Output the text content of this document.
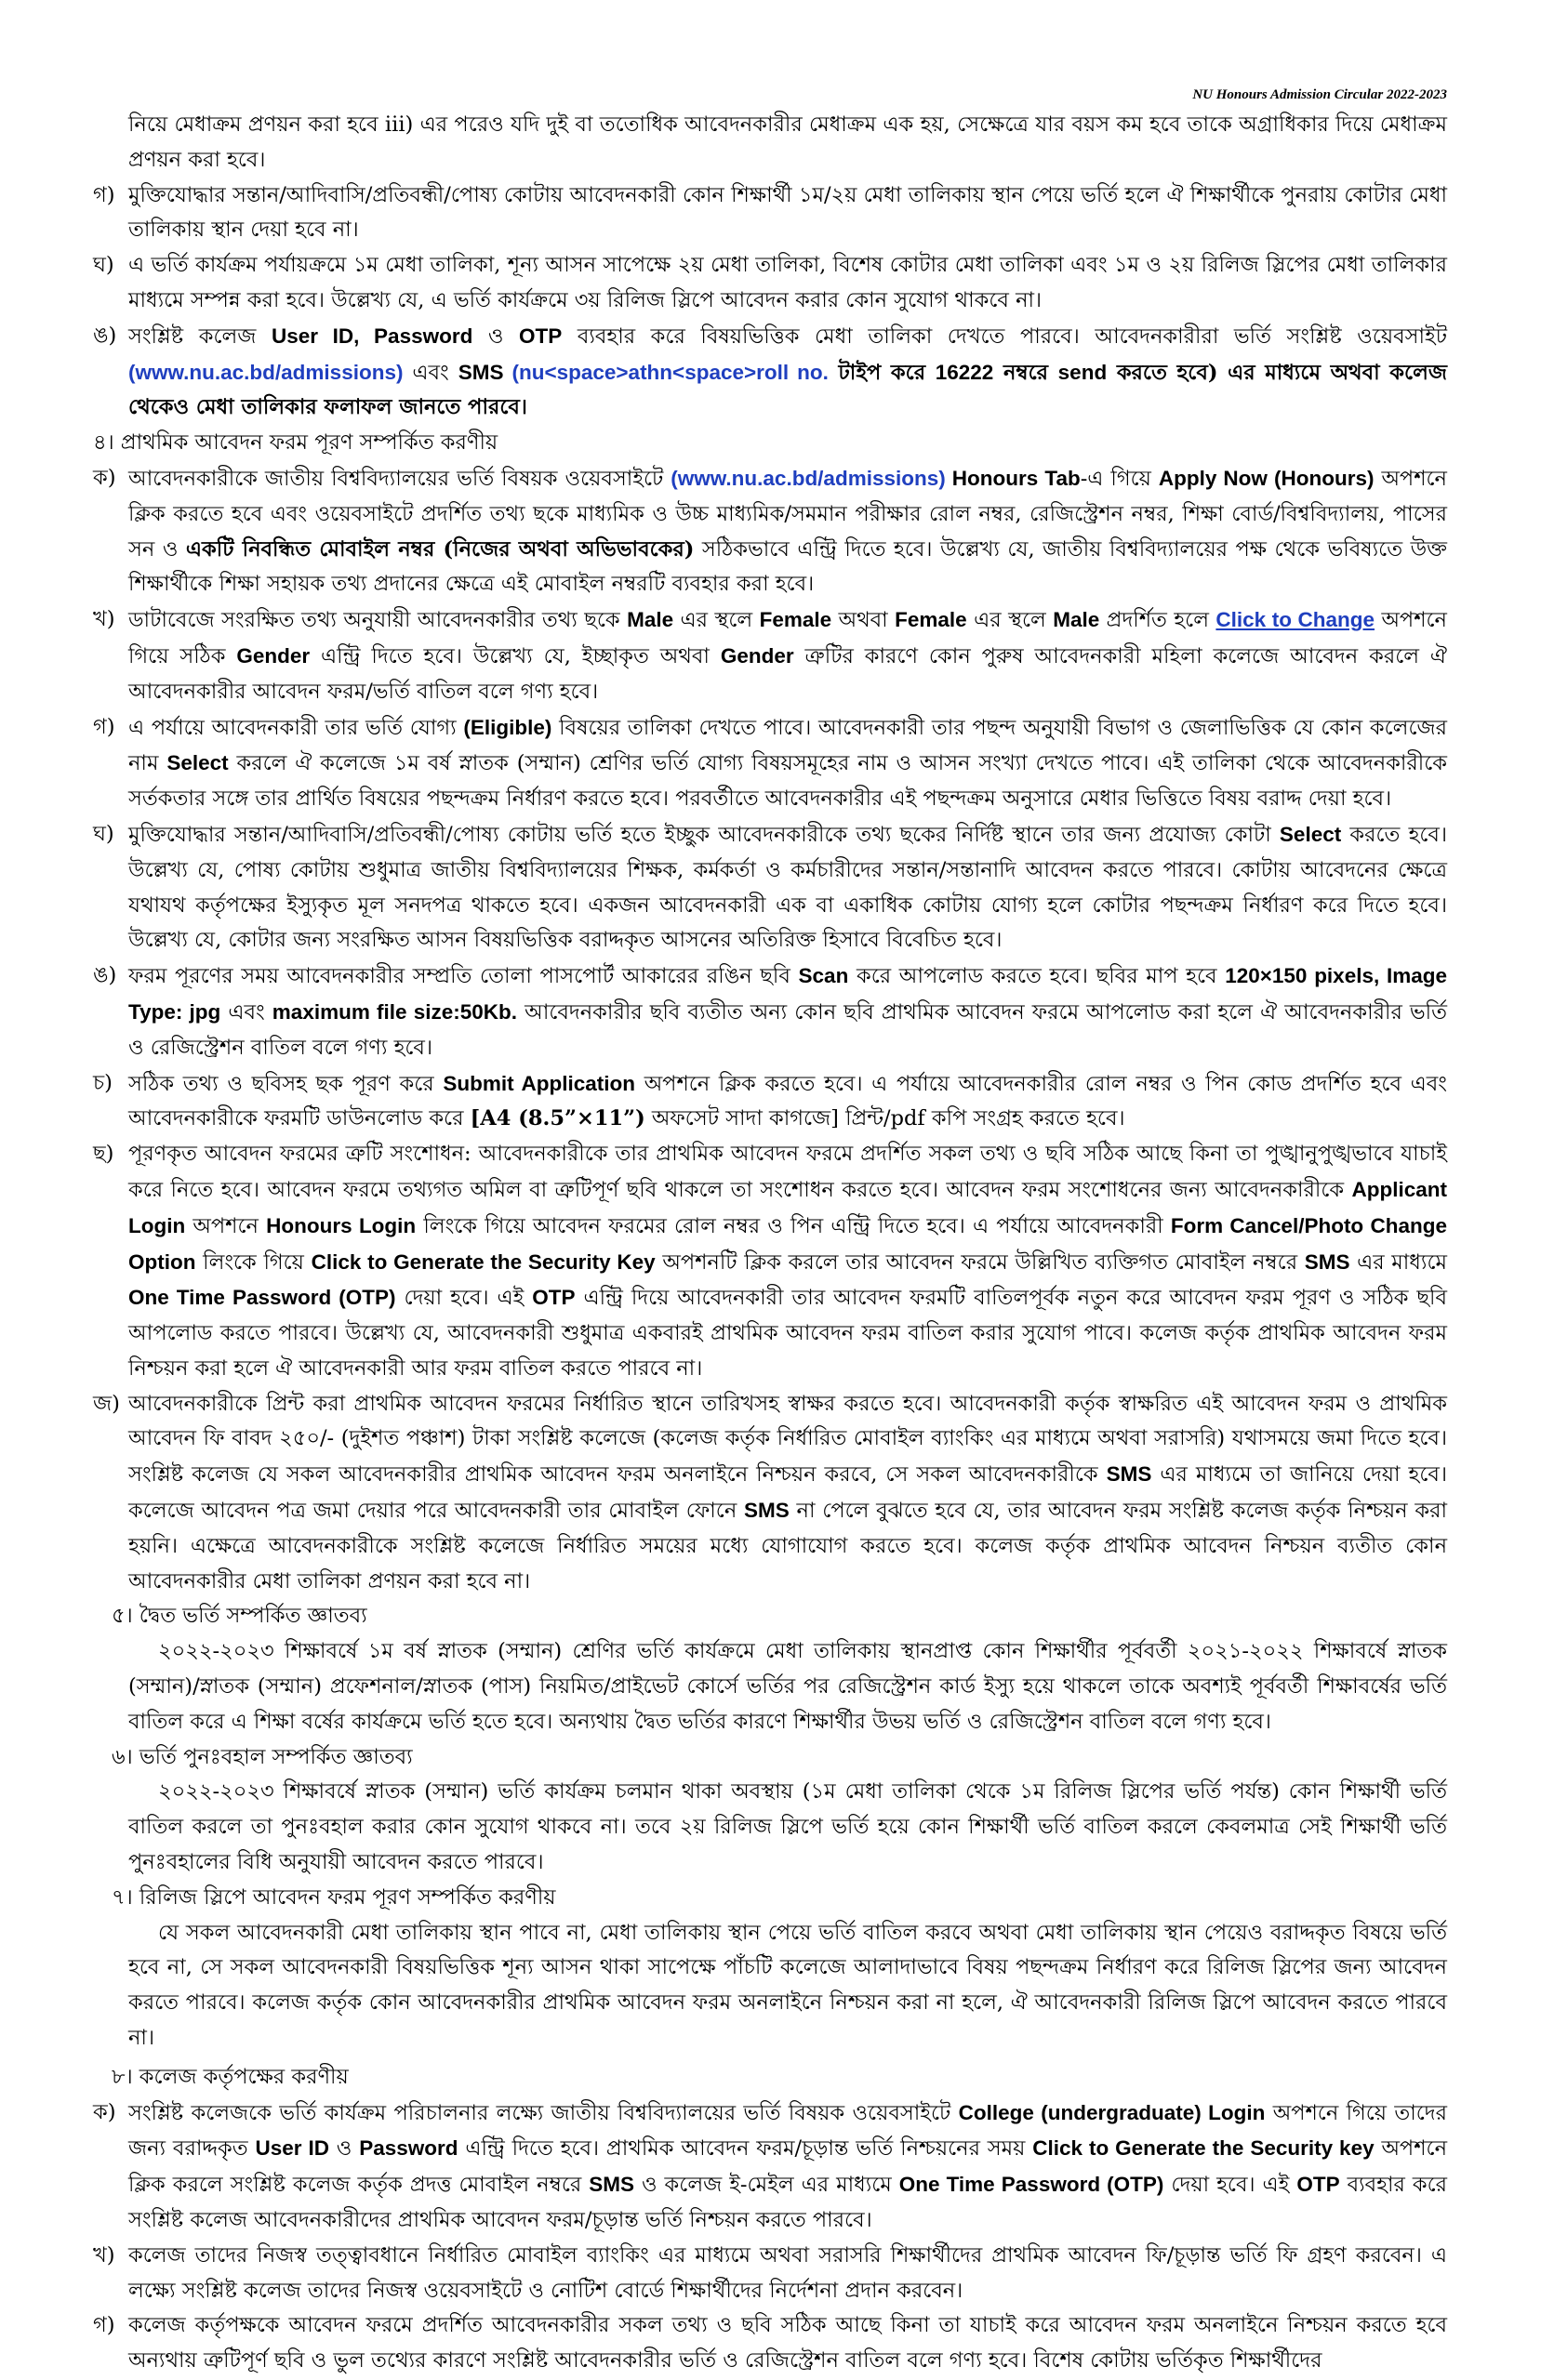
NU Honours Admission Circular 2022-2023

নিয়ে মেধাক্রম প্রণয়ন করা হবে iii) এর পরেও যদি দুই বা ততোধিক আবেদনকারীর মেধাক্রম এক হয়, সেক্ষেত্রে যার বয়স কম হবে তাকে অগ্রাধিকার দিয়ে মেধাক্রম প্রণয়ন করা হবে।

গ) মুক্তিযোদ্ধার সন্তান/আদিবাসি/প্রতিবন্ধী/পোষ্য কোটায় আবেদনকারী কোন শিক্ষার্থী ১ম/২য় মেধা তালিকায় স্থান পেয়ে ভর্তি হলে ঐ শিক্ষার্থীকে পুনরায় কোটার মেধা তালিকায় স্থান দেয়া হবে না।
ঘ) এ ভর্তি কার্যক্রম পর্যায়ক্রমে ১ম মেধা তালিকা, শূন্য আসন সাপেক্ষে ২য় মেধা তালিকা, বিশেষ কোটার মেধা তালিকা এবং ১ম ও ২য় রিলিজ স্লিপের মেধা তালিকার মাধ্যমে সম্পন্ন করা হবে। উল্লেখ্য যে, এ ভর্তি কার্যক্রমে ৩য় রিলিজ স্লিপে আবেদন করার কোন সুযোগ থাকবে না।
ঙ) সংশ্লিষ্ট কলেজ User ID, Password ও OTP ব্যবহার করে বিষয়ভিত্তিক মেধা তালিকা দেখতে পারবে। আবেদনকারীরা ভর্তি সংশ্লিষ্ট ওয়েবসাইট (www.nu.ac.bd/admissions) এবং SMS (nu<space>athn<space>roll no. টাইপ করে 16222 নম্বরে send করতে হবে) এর মাধ্যমে অথবা কলেজ থেকেও মেধা তালিকার ফলাফল জানতে পারবে।

৪। প্রাথমিক আবেদন ফরম পূরণ সম্পর্কিত করণীয়

ক) আবেদনকারীকে জাতীয় বিশ্ববিদ্যালয়ের ভর্তি বিষয়ক ওয়েবসাইটে (www.nu.ac.bd/admissions) Honours Tab-এ গিয়ে Apply Now (Honours) অপশনে ক্লিক করতে হবে এবং ওয়েবসাইটে প্রদর্শিত তথ্য ছকে মাধ্যমিক ও উচ্চ মাধ্যমিক/সমমান পরীক্ষার রোল নম্বর, রেজিস্ট্রেশন নম্বর, শিক্ষা বোর্ড/বিশ্ববিদ্যালয়, পাসের সন ও একটি নিবন্ধিত মোবাইল নম্বর (নিজের অথবা অভিভাবকের) সঠিকভাবে এন্ট্রি দিতে হবে। উল্লেখ্য যে, জাতীয় বিশ্ববিদ্যালয়ের পক্ষ থেকে ভবিষ্যতে উক্ত শিক্ষার্থীকে শিক্ষা সহায়ক তথ্য প্রদানের ক্ষেত্রে এই মোবাইল নম্বরটি ব্যবহার করা হবে।
খ) ডাটাবেজে সংরক্ষিত তথ্য অনুযায়ী আবেদনকারীর তথ্য ছকে Male এর স্থলে Female অথবা Female এর স্থলে Male প্রদর্শিত হলে Click to Change অপশনে গিয়ে সঠিক Gender এন্ট্রি দিতে হবে। উল্লেখ্য যে, ইচ্ছাকৃত অথবা Gender ত্রুটির কারণে কোন পুরুষ আবেদনকারী মহিলা কলেজে আবেদন করলে ঐ আবেদনকারীর আবেদন ফরম/ভর্তি বাতিল বলে গণ্য হবে।
গ) এ পর্যায়ে আবেদনকারী তার ভর্তি যোগ্য (Eligible) বিষয়ের তালিকা দেখতে পাবে। আবেদনকারী তার পছন্দ অনুযায়ী বিভাগ ও জেলাভিত্তিক যে কোন কলেজের নাম Select করলে ঐ কলেজে ১ম বর্ষ স্নাতক (সম্মান) শ্রেণির ভর্তি যোগ্য বিষয়সমূহের নাম ও আসন সংখ্যা দেখতে পাবে। এই তালিকা থেকে আবেদনকারীকে সর্তকতার সঙ্গে তার প্রার্থিত বিষয়ের পছন্দক্রম নির্ধারণ করতে হবে। পরবর্তীতে আবেদনকারীর এই পছন্দক্রম অনুসারে মেধার ভিত্তিতে বিষয় বরাদ্দ দেয়া হবে।
ঘ) মুক্তিযোদ্ধার সন্তান/আদিবাসি/প্রতিবন্ধী/পোষ্য কোটায় ভর্তি হতে ইচ্ছুক আবেদনকারীকে তথ্য ছকের নির্দিষ্ট স্থানে তার জন্য প্রযোজ্য কোটা Select করতে হবে। উল্লেখ্য যে, পোষ্য কোটায় শুধুমাত্র জাতীয় বিশ্ববিদ্যালয়ের শিক্ষক, কর্মকর্তা ও কর্মচারীদের সন্তান/সন্তানাদি আবেদন করতে পারবে। কোটায় আবেদনের ক্ষেত্রে যথাযথ কর্তৃপক্ষের ইস্যুকৃত মূল সনদপত্র থাকতে হবে। একজন আবেদনকারী এক বা একাধিক কোটায় যোগ্য হলে কোটার পছন্দক্রম নির্ধারণ করে দিতে হবে। উল্লেখ্য যে, কোটার জন্য সংরক্ষিত আসন বিষয়ভিত্তিক বরাদ্দকৃত আসনের অতিরিক্ত হিসাবে বিবেচিত হবে।
ঙ) ফরম পূরণের সময় আবেদনকারীর সম্প্রতি তোলা পাসপোর্ট আকারের রঙিন ছবি Scan করে আপলোড করতে হবে। ছবির মাপ হবে 120×150 pixels, Image Type: jpg এবং maximum file size:50Kb. আবেদনকারীর ছবি ব্যতীত অন্য কোন ছবি প্রাথমিক আবেদন ফরমে আপলোড করা হলে ঐ আবেদনকারীর ভর্তি ও রেজিস্ট্রেশন বাতিল বলে গণ্য হবে।
চ) সঠিক তথ্য ও ছবিসহ ছক পূরণ করে Submit Application অপশনে ক্লিক করতে হবে। এ পর্যায়ে আবেদনকারীর রোল নম্বর ও পিন কোড প্রদর্শিত হবে এবং আবেদনকারীকে ফরমটি ডাউনলোড করে [A4 (8.5”×11”) অফসেট সাদা কাগজে] প্রিন্ট/pdf কপি সংগ্রহ করতে হবে।
ছ) পূরণকৃত আবেদন ফরমের ত্রুটি সংশোধন: আবেদনকারীকে তার প্রাথমিক আবেদন ফরমে প্রদর্শিত সকল তথ্য ও ছবি সঠিক আছে কিনা তা পুঙ্খানুপুঙ্খভাবে যাচাই করে নিতে হবে। আবেদন ফরমে তথ্যগত অমিল বা ত্রুটিপূর্ণ ছবি থাকলে তা সংশোধন করতে হবে। আবেদন ফরম সংশোধনের জন্য আবেদনকারীকে Applicant Login অপশনে Honours Login লিংকে গিয়ে আবেদন ফরমের রোল নম্বর ও পিন এন্ট্রি দিতে হবে। এ পর্যায়ে আবেদনকারী Form Cancel/Photo Change Option লিংকে গিয়ে Click to Generate the Security Key অপশনটি ক্লিক করলে তার আবেদন ফরমে উল্লিখিত ব্যক্তিগত মোবাইল নম্বরে SMS এর মাধ্যমে One Time Password (OTP) দেয়া হবে। এই OTP এন্ট্রি দিয়ে আবেদনকারী তার আবেদন ফরমটি বাতিলপূর্বক নতুন করে আবেদন ফরম পূরণ ও সঠিক ছবি আপলোড করতে পারবে। উল্লেখ্য যে, আবেদনকারী শুধুমাত্র একবারই প্রাথমিক আবেদন ফরম বাতিল করার সুযোগ পাবে। কলেজ কর্তৃক প্রাথমিক আবেদন ফরম নিশ্চয়ন করা হলে ঐ আবেদনকারী আর ফরম বাতিল করতে পারবে না।
জ) আবেদনকারীকে প্রিন্ট করা প্রাথমিক আবেদন ফরমের নির্ধারিত স্থানে তারিখসহ স্বাক্ষর করতে হবে। আবেদনকারী কর্তৃক স্বাক্ষরিত এই আবেদন ফরম ও প্রাথমিক আবেদন ফি বাবদ ২৫০/- (দুইশত পঞ্চাশ) টাকা সংশ্লিষ্ট কলেজে (কলেজ কর্তৃক নির্ধারিত মোবাইল ব্যাংকিং এর মাধ্যমে অথবা সরাসরি) যথাসময়ে জমা দিতে হবে। সংশ্লিষ্ট কলেজ যে সকল আবেদনকারীর প্রাথমিক আবেদন ফরম অনলাইনে নিশ্চয়ন করবে, সে সকল আবেদনকারীকে SMS এর মাধ্যমে তা জানিয়ে দেয়া হবে। কলেজে আবেদন পত্র জমা দেয়ার পরে আবেদনকারী তার মোবাইল ফোনে SMS না পেলে বুঝতে হবে যে, তার আবেদন ফরম সংশ্লিষ্ট কলেজ কর্তৃক নিশ্চয়ন করা হয়নি। এক্ষেত্রে আবেদনকারীকে সংশ্লিষ্ট কলেজে নির্ধারিত সময়ের মধ্যে যোগাযোগ করতে হবে। কলেজ কর্তৃক প্রাথমিক আবেদন নিশ্চয়ন ব্যতীত কোন আবেদনকারীর মেধা তালিকা প্রণয়ন করা হবে না।

৫। দ্বৈত ভর্তি সম্পর্কিত জ্ঞাতব্য

২০২২-২০২৩ শিক্ষাবর্ষে ১ম বর্ষ স্নাতক (সম্মান) শ্রেণির ভর্তি কার্যক্রমে মেধা তালিকায় স্থানপ্রাপ্ত কোন শিক্ষার্থীর পূর্ববর্তী ২০২১-২০২২ শিক্ষাবর্ষে স্নাতক (সম্মান)/স্নাতক (সম্মান) প্রফেশনাল/স্নাতক (পাস) নিয়মিত/প্রাইভেট কোর্সে ভর্তির পর রেজিস্ট্রেশন কার্ড ইস্যু হয়ে থাকলে তাকে অবশ্যই পূর্ববর্তী শিক্ষাবর্ষের ভর্তি বাতিল করে এ শিক্ষা বর্ষের কার্যক্রমে ভর্তি হতে হবে। অন্যথায় দ্বৈত ভর্তির কারণে শিক্ষার্থীর উভয় ভর্তি ও রেজিস্ট্রেশন বাতিল বলে গণ্য হবে।

৬। ভর্তি পুনঃবহাল সম্পর্কিত জ্ঞাতব্য

২০২২-২০২৩ শিক্ষাবর্ষে স্নাতক (সম্মান) ভর্তি কার্যক্রম চলমান থাকা অবস্থায় (১ম মেধা তালিকা থেকে ১ম রিলিজ স্লিপের ভর্তি পর্যন্ত) কোন শিক্ষার্থী ভর্তি বাতিল করলে তা পুনঃবহাল করার কোন সুযোগ থাকবে না। তবে ২য় রিলিজ স্লিপে ভর্তি হয়ে কোন শিক্ষার্থী ভর্তি বাতিল করলে কেবলমাত্র সেই শিক্ষার্থী ভর্তি পুনঃবহালের বিধি অনুযায়ী আবেদন করতে পারবে।

৭। রিলিজ স্লিপে আবেদন ফরম পূরণ সম্পর্কিত করণীয়

যে সকল আবেদনকারী মেধা তালিকায় স্থান পাবে না, মেধা তালিকায় স্থান পেয়ে ভর্তি বাতিল করবে অথবা মেধা তালিকায় স্থান পেয়েও বরাদ্দকৃত বিষয়ে ভর্তি হবে না, সে সকল আবেদনকারী বিষয়ভিত্তিক শূন্য আসন থাকা সাপেক্ষে পাঁচটি কলেজে আলাদাভাবে বিষয় পছন্দক্রম নির্ধারণ করে রিলিজ স্লিপের জন্য আবেদন করতে পারবে। কলেজ কর্তৃক কোন আবেদনকারীর প্রাথমিক আবেদন ফরম অনলাইনে নিশ্চয়ন করা না হলে, ঐ আবেদনকারী রিলিজ স্লিপে আবেদন করতে পারবে না।

৮। কলেজ কর্তৃপক্ষের করণীয়

ক) সংশ্লিষ্ট কলেজকে ভর্তি কার্যক্রম পরিচালনার লক্ষ্যে জাতীয় বিশ্ববিদ্যালয়ের ভর্তি বিষয়ক ওয়েবসাইটে College (undergraduate) Login অপশনে গিয়ে তাদের জন্য বরাদ্দকৃত User ID ও Password এন্ট্রি দিতে হবে। প্রাথমিক আবেদন ফরম/চূড়ান্ত ভর্তি নিশ্চয়নের সময় Click to Generate the Security key অপশনে ক্লিক করলে সংশ্লিষ্ট কলেজ কর্তৃক প্রদত্ত মোবাইল নম্বরে SMS ও কলেজ ই-মেইল এর মাধ্যমে One Time Password (OTP) দেয়া হবে। এই OTP ব্যবহার করে সংশ্লিষ্ট কলেজ আবেদনকারীদের প্রাথমিক আবেদন ফরম/চূড়ান্ত ভর্তি নিশ্চয়ন করতে পারবে।
খ) কলেজ তাদের নিজস্ব তত্ত্বাবধানে নির্ধারিত মোবাইল ব্যাংকিং এর মাধ্যমে অথবা সরাসরি শিক্ষার্থীদের প্রাথমিক আবেদন ফি/চূড়ান্ত ভর্তি ফি গ্রহণ করবেন। এ লক্ষ্যে সংশ্লিষ্ট কলেজ তাদের নিজস্ব ওয়েবসাইটে ও নোটিশ বোর্ডে শিক্ষার্থীদের নির্দেশনা প্রদান করবেন।
গ) কলেজ কর্তৃপক্ষকে আবেদন ফরমে প্রদর্শিত আবেদনকারীর সকল তথ্য ও ছবি সঠিক আছে কিনা তা যাচাই করে আবেদন ফরম অনলাইনে নিশ্চয়ন করতে হবে অন্যথায় ত্রুটিপূর্ণ ছবি ও ভুল তথ্যের কারণে সংশ্লিষ্ট আবেদনকারীর ভর্তি ও রেজিস্ট্রেশন বাতিল বলে গণ্য হবে। বিশেষ কোটায় ভর্তিকৃত শিক্ষার্থীদের
